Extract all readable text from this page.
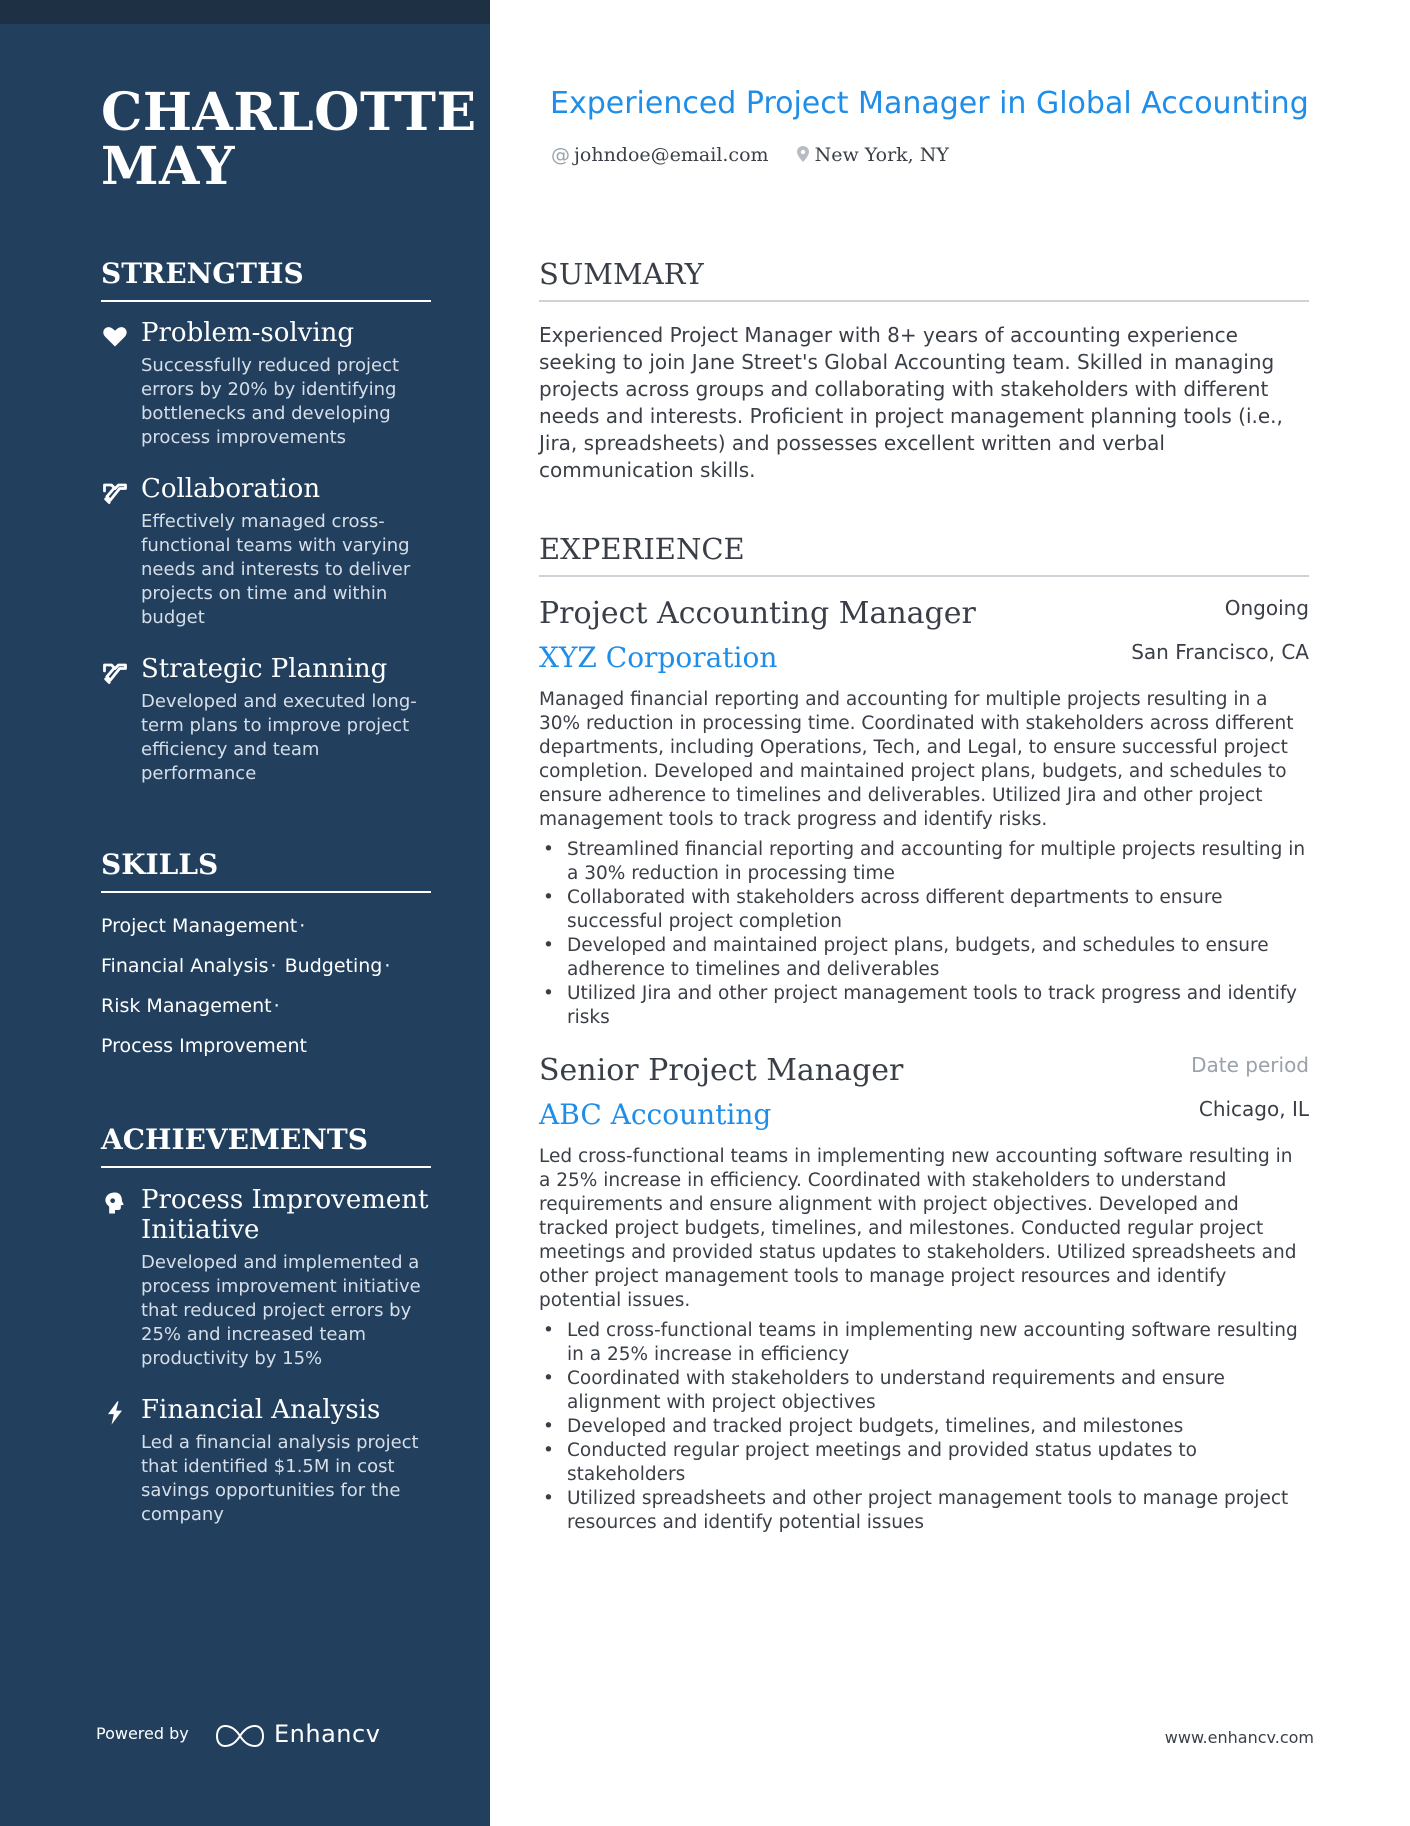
CHARLOTTE
MAY
STRENGTHS
Problem-solving

Successfully reduced project errors by 20% by identifying bottlenecks and developing process improvements

Collaboration

Effectively managed cross-functional teams with varying needs and interests to deliver projects on time and within budget

Strategic Planning

Developed and executed long-term plans to improve project efficiency and team performance

SKILLS
Project Management ·
Financial Analysis · Budgeting ·
Risk Management ·
Process Improvement
ACHIEVEMENTS
Process Improvement Initiative

Developed and implemented a process improvement initiative that reduced project errors by 25% and increased team productivity by 15%

Financial Analysis

Led a financial analysis project that identified $1.5M in cost savings opportunities for the company

Powered by	Enhancv
Experienced Project Manager in Global Accounting
@ johndoe@email.com New York, NY
SUMMARY

Experienced Project Manager with 8+ years of accounting experience seeking to join Jane Street's Global Accounting team. Skilled in managing projects across groups and collaborating with stakeholders with different needs and interests. Proficient in project management planning tools (i.e., Jira, spreadsheets) and possesses excellent written and verbal communication skills.

EXPERIENCE
Project Accounting Manager	Ongoing
XYZ Corporation	San Francisco, CA

Managed financial reporting and accounting for multiple projects resulting in a 30% reduction in processing time. Coordinated with stakeholders across different departments, including Operations, Tech, and Legal, to ensure successful project completion. Developed and maintained project plans, budgets, and schedules to ensure adherence to timelines and deliverables. Utilized Jira and other project management tools to track progress and identify risks.

• Streamlined financial reporting and accounting for multiple projects resulting in a 30% reduction in processing time
• Collaborated with stakeholders across different departments to ensure successful project completion
• Developed and maintained project plans, budgets, and schedules to ensure adherence to timelines and deliverables
• Utilized Jira and other project management tools to track progress and identify risks
Senior Project Manager	Date period
ABC Accounting	Chicago, IL

Led cross-functional teams in implementing new accounting software resulting in a 25% increase in efficiency. Coordinated with stakeholders to understand requirements and ensure alignment with project objectives. Developed and tracked project budgets, timelines, and milestones. Conducted regular project meetings and provided status updates to stakeholders. Utilized spreadsheets and other project management tools to manage project resources and identify potential issues.

• Led cross-functional teams in implementing new accounting software resulting in a 25% increase in efficiency
• Coordinated with stakeholders to understand requirements and ensure alignment with project objectives
• Developed and tracked project budgets, timelines, and milestones
• Conducted regular project meetings and provided status updates to stakeholders
• Utilized spreadsheets and other project management tools to manage project resources and identify potential issues
www.enhancv.com
